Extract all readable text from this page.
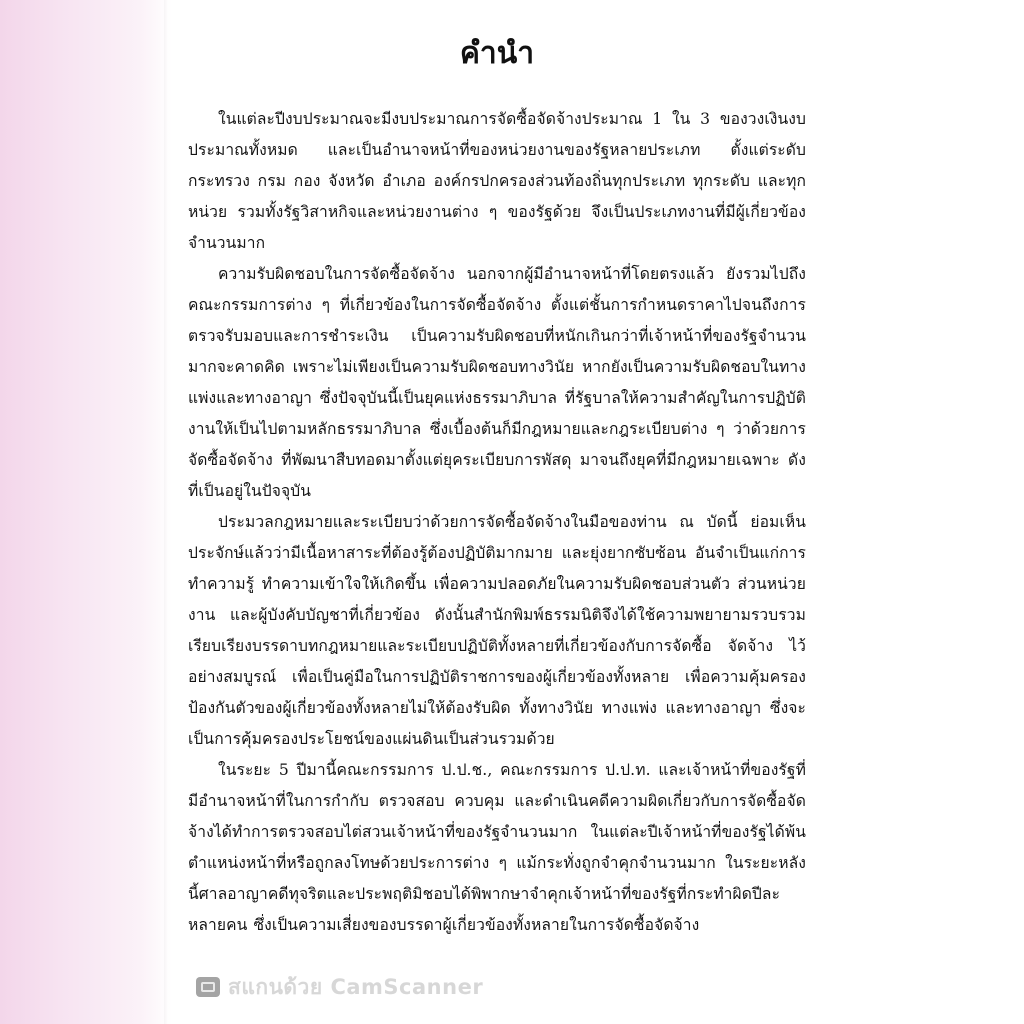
คำนำ

ในแต่ละปีงบประมาณจะมีงบประมาณการจัดซื้อจัดจ้างประมาณ 1 ใน 3 ของวงเงินงบประมาณทั้งหมด และเป็นอำนาจหน้าที่ของหน่วยงานของรัฐหลายประเภท ตั้งแต่ระดับกระทรวง กรม กอง จังหวัด อำเภอ องค์กรปกครองส่วนท้องถิ่นทุกประเภท ทุกระดับ และทุกหน่วย รวมทั้งรัฐวิสาหกิจและหน่วยงานต่าง ๆ ของรัฐด้วย จึงเป็นประเภทงานที่มีผู้เกี่ยวข้องจำนวนมาก

ความรับผิดชอบในการจัดซื้อจัดจ้าง นอกจากผู้มีอำนาจหน้าที่โดยตรงแล้ว ยังรวมไปถึงคณะกรรมการต่าง ๆ ที่เกี่ยวข้องในการจัดซื้อจัดจ้าง ตั้งแต่ชั้นการกำหนดราคาไปจนถึงการตรวจรับมอบและการชำระเงิน เป็นความรับผิดชอบที่หนักเกินกว่าที่เจ้าหน้าที่ของรัฐจำนวนมากจะคาดคิด เพราะไม่เพียงเป็นความรับผิดชอบทางวินัย หากยังเป็นความรับผิดชอบในทางแพ่งและทางอาญา ซึ่งปัจจุบันนี้เป็นยุคแห่งธรรมาภิบาล ที่รัฐบาลให้ความสำคัญในการปฏิบัติงานให้เป็นไปตามหลักธรรมาภิบาล ซึ่งเบื้องต้นก็มีกฎหมายและกฎระเบียบต่าง ๆ ว่าด้วยการจัดซื้อจัดจ้าง ที่พัฒนาสืบทอดมาตั้งแต่ยุคระเบียบการพัสดุ มาจนถึงยุคที่มีกฎหมายเฉพาะ ดังที่เป็นอยู่ในปัจจุบัน

ประมวลกฎหมายและระเบียบว่าด้วยการจัดซื้อจัดจ้างในมือของท่าน ณ บัดนี้ ย่อมเห็นประจักษ์แล้วว่ามีเนื้อหาสาระที่ต้องรู้ต้องปฏิบัติมากมาย และยุ่งยากซับซ้อน อันจำเป็นแก่การทำความรู้ ทำความเข้าใจให้เกิดขึ้น เพื่อความปลอดภัยในความรับผิดชอบส่วนตัว ส่วนหน่วยงาน และผู้บังคับบัญชาที่เกี่ยวข้อง ดังนั้นสำนักพิมพ์ธรรมนิติจึงได้ใช้ความพยายามรวบรวม เรียบเรียงบรรดาบทกฎหมายและระเบียบปฏิบัติทั้งหลายที่เกี่ยวข้องกับการจัดซื้อ จัดจ้าง ไว้อย่างสมบูรณ์ เพื่อเป็นคู่มือในการปฏิบัติราชการของผู้เกี่ยวข้องทั้งหลาย เพื่อความคุ้มครอง ป้องกันตัวของผู้เกี่ยวข้องทั้งหลายไม่ให้ต้องรับผิด ทั้งทางวินัย ทางแพ่ง และทางอาญา ซึ่งจะเป็นการคุ้มครองประโยชน์ของแผ่นดินเป็นส่วนรวมด้วย

ในระยะ 5 ปีมานี้คณะกรรมการ ป.ป.ช., คณะกรรมการ ป.ป.ท. และเจ้าหน้าที่ของรัฐที่มีอำนาจหน้าที่ในการกำกับ ตรวจสอบ ควบคุม และดำเนินคดีความผิดเกี่ยวกับการจัดซื้อจัดจ้างได้ทำการตรวจสอบไต่สวนเจ้าหน้าที่ของรัฐจำนวนมาก ในแต่ละปีเจ้าหน้าที่ของรัฐได้พ้นตำแหน่งหน้าที่หรือถูกลงโทษด้วยประการต่าง ๆ แม้กระทั่งถูกจำคุกจำนวนมาก ในระยะหลังนี้ศาลอาญาคดีทุจริตและประพฤติมิชอบได้พิพากษาจำคุกเจ้าหน้าที่ของรัฐที่กระทำผิดปีละหลายคน ซึ่งเป็นความเสี่ยงของบรรดาผู้เกี่ยวข้องทั้งหลายในการจัดซื้อจัดจ้าง

สแกนด้วย CamScanner
